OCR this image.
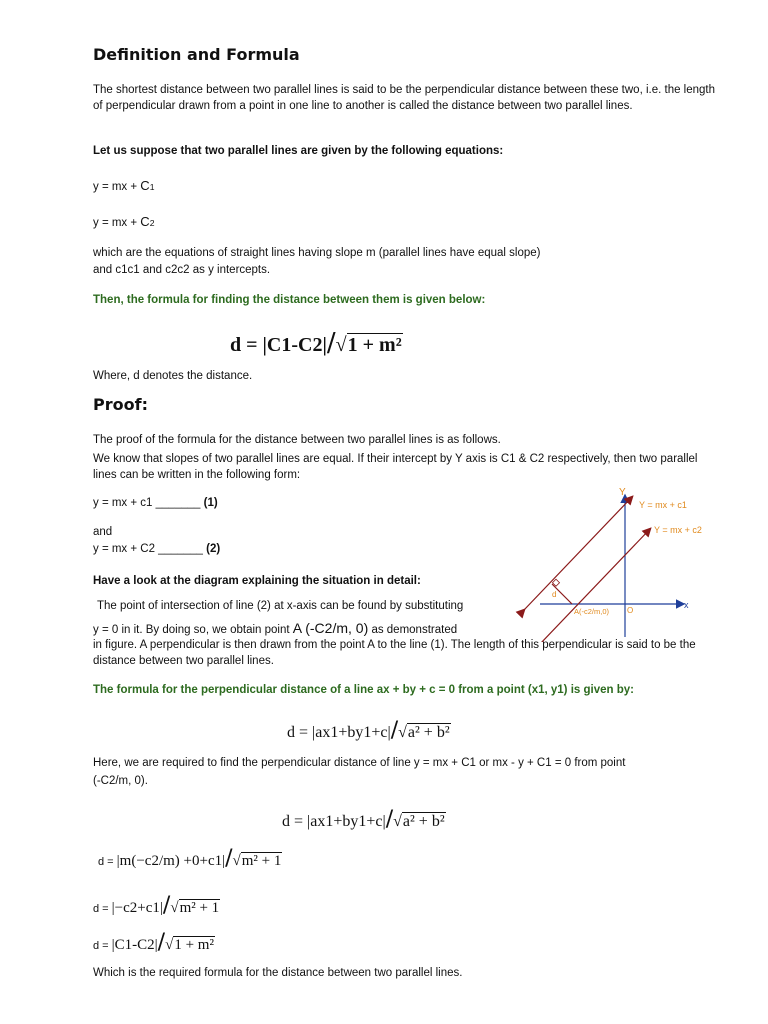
Definition and Formula
The shortest distance between two parallel lines is said to be the perpendicular distance between these two, i.e. the length of perpendicular drawn from a point in one line to another is called the distance between two parallel lines.
Let us suppose that two parallel lines are given by the following equations:
y = mx + C1
y = mx + C2
which are the equations of straight lines having slope m (parallel lines have equal slope)
and c1c1 and c2c2 as y intercepts.
Then, the formula for finding the distance between them is given below:
d = |C1-C2|/√1 + m²
Where, d denotes the distance.
Proof:
The proof of the formula for the distance between two parallel lines is as follows.
We know that slopes of two parallel lines are equal. If their intercept by Y axis is C1 & C2 respectively, then two parallel lines can be written in the following form:
y = mx + c1 _______ (1)
and
y = mx + C2 _______ (2)
Have a look at the diagram explaining the situation in detail:
The point of intersection of line (2) at x-axis can be found by substituting
y = 0 in it. By doing so, we obtain point A (-C2/m, 0) as demonstrated
in figure. A perpendicular is then drawn from the point A to the line (1). The length of this perpendicular is said to be the distance between two parallel lines.
The formula for the perpendicular distance of a line ax + by + c = 0 from a point (x1, y1) is given by:
d = |ax1+by1+c|/√a² + b²
Here, we are required to find the perpendicular distance of line y = mx + C1 or mx - y + C1 = 0 from point
(-C2/m, 0).
d = |ax1+by1+c|/√a² + b²
d = |m(−c2/m) +0+c1|/√m² + 1
d = |−c2+c1|/√m² + 1
d = |C1-C2|/√1 + m²
Which is the required formula for the distance between two parallel lines.
Y
x
Y = mx + c1
Y = mx + c2
A(-c2/m,0) O
d
